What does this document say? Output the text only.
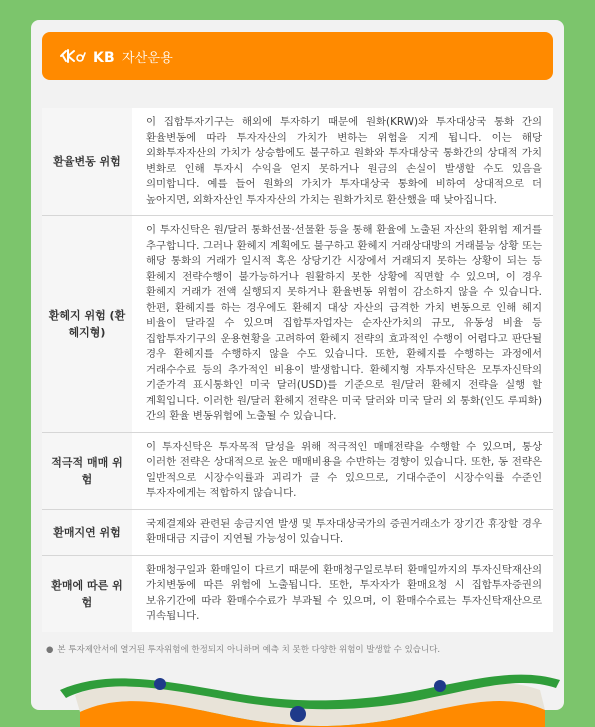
KB 자산운용
환율변동 위험	이 집합투자기구는 해외에 투자하기 때문에 원화(KRW)와 투자대상국 통화 간의 환율변동에 따라 투자자산의 가치가 변하는 위험을 지게 됩니다. 이는 해당 외화투자자산의 가치가 상승함에도 불구하고 원화와 투자대상국 통화간의 상대적 가치 변화로 인해 투자시 수익을 얻지 못하거나 원금의 손실이 발생할 수도 있음을 의미합니다. 예를 들어 원화의 가치가 투자대상국 통화에 비하여 상대적으로 더 높아지면, 외화자산인 투자자산의 가치는 원화가치로 환산했을 때 낮아집니다.
환헤지 위험 (환헤지형)	이 투자신탁은 원/달러 통화선물·선물환 등을 통해 환율에 노출된 자산의 환위험 제거를 추구합니다. 그러나 환헤지 계획에도 불구하고 환헤지 거래상대방의 거래불능 상황 또는 해당 통화의 거래가 일시적 혹은 상당기간 시장에서 거래되지 못하는 상황이 되는 등 환헤지 전략수행이 불가능하거나 원활하지 못한 상황에 직면할 수 있으며, 이 경우 환헤지 거래가 전액 실행되지 못하거나 환율변동 위험이 감소하지 않을 수 있습니다. 한편, 환헤지를 하는 경우에도 환헤지 대상 자산의 급격한 가치 변동으로 인해 헤지 비율이 달라질 수 있으며 집합투자업자는 순자산가치의 규모, 유동성 비율 등 집합투자기구의 운용현황을 고려하여 환헤지 전략의 효과적인 수행이 어렵다고 판단될 경우 환헤지를 수행하지 않을 수도 있습니다. 또한, 환헤지를 수행하는 과정에서 거래수수료 등의 추가적인 비용이 발생합니다. 환헤지형 자투자신탁은 모투자신탁의 기준가격 표시통화인 미국 달러(USD)를 기준으로 원/달러 환헤지 전략을 실행 할 계획입니다. 이러한 원/달러 환헤지 전략은 미국 달러와 미국 달러 외 통화(인도 루피화) 간의 환율 변동위험에 노출될 수 있습니다.
적극적 매매 위험	이 투자신탁은 투자목적 달성을 위해 적극적인 매매전략을 수행할 수 있으며, 통상 이러한 전략은 상대적으로 높은 매매비용을 수반하는 경향이 있습니다. 또한, 동 전략은 일반적으로 시장수익률과 괴리가 클 수 있으므로, 기대수준이 시장수익률 수준인 투자자에게는 적합하지 않습니다.
환매지연 위험	국제결제와 관련된 송금지연 발생 및 투자대상국가의 증권거래소가 장기간 휴장할 경우 환매대금 지급이 지연될 가능성이 있습니다.
환매에 따른 위험	환매청구일과 환매일이 다르기 때문에 환매청구일로부터 환매일까지의 투자신탁재산의 가치변동에 따른 위험에 노출됩니다. 또한, 투자자가 환매요청 시 집합투자증권의 보유기간에 따라 환매수수료가 부과될 수 있으며, 이 환매수수료는 투자신탁재산으로 귀속됩니다.
● 본 투자제안서에 열거된 투자위험에 한정되지 아니하며 예측 치 못한 다양한 위험이 발생할 수 있습니다.
